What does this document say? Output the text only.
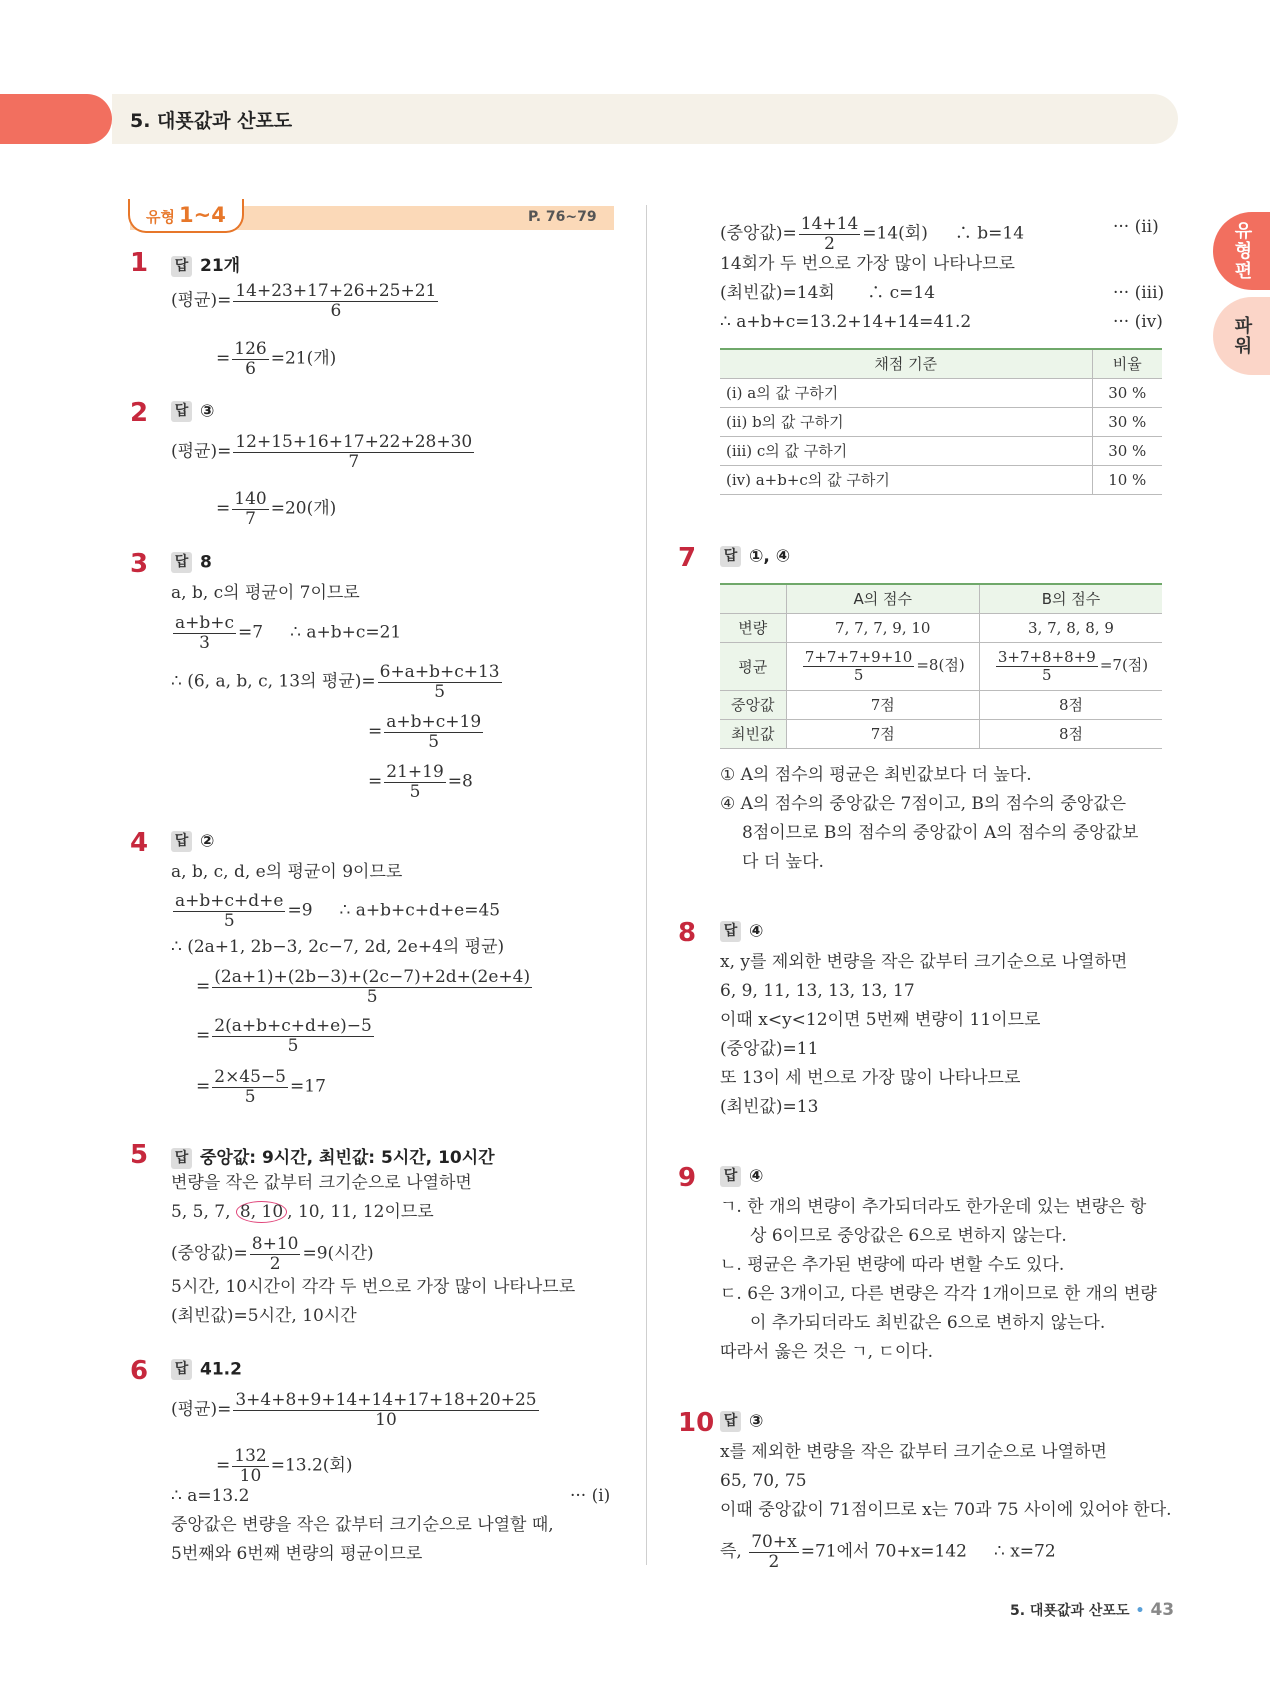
5. 대푯값과 산포도
유형편
파워
유형 1~4	P. 76~79
1 답 21개
(평균)= $\frac{14+23+17+26+25+21}{6}$
= $\frac{126}{6} =21$(개)
2 답 ③
(평균)= $\frac{12+15+16+17+22+28+30}{7}$
= $\frac{140}{7} =20$(개)
3 답 8
a, b, c의 평균이 7이므로
$\frac{a+b+c}{3} =7$     ∴ a+b+c=21
∴ (6, a, b, c, 13의 평균)= $\frac{6+a+b+c+13}{5}$
= $\frac{a+b+c+19}{5}$
= $\frac{21+19}{5} =8$
4 답 ②
a, b, c, d, e의 평균이 9이므로
$\frac{a+b+c+d+e}{5} =9$     ∴ a+b+c+d+e=45
∴ (2a+1, 2b−3, 2c−7, 2d, 2e+4의 평균)
= $\frac{(2a+1)+(2b-3)+(2c-7)+2d+(2e+4)}{5}$
= $\frac{2(a+b+c+d+e)-5}{5}$
= $\frac{2\times 45-5}{5} =17$
5 답 중앙값: 9시간, 최빈값: 5시간, 10시간
변량을 작은 값부터 크기순으로 나열하면
5, 5, 7, 8, 10 , 10, 11, 12이므로
(중앙값)= $\frac{8+10}{2} =9$(시간)
5시간, 10시간이 각각 두 번으로 가장 많이 나타나므로
(최빈값)=5시간, 10시간
6 답 41.2
(평균)= $\frac{3+4+8+9+14+14+17+18+20+25}{10}$
= $\frac{132}{10} =13.2$(회)
∴ a=13.2	··· (i)
중앙값은 변량을 작은 값부터 크기순으로 나열할 때,
5번째와 6번째 변량의 평균이므로
(중앙값)= $\frac{14+14}{2} =14$(회)     ∴ b=14	··· (ii)
14회가 두 번으로 가장 많이 나타나므로
(최빈값)=14회      ∴ c=14	··· (iii)
∴ a+b+c=13.2+14+14=41.2	··· (iv)
채점 기준	비율
(i) a의 값 구하기	30 %
(ii) b의 값 구하기	30 %
(iii) c의 값 구하기	30 %
(iv) a+b+c의 값 구하기	10 %
7 답 ①, ④
	A의 점수	B의 점수
변량	7, 7, 7, 9, 10	3, 7, 8, 8, 9
평균	$\frac{7+7+7+9+10}{5} =8$(점)	$\frac{3+7+8+8+9}{5} =7$(점)
중앙값	7점	8점
최빈값	7점	8점
① A의 점수의 평균은 최빈값보다 더 높다.
④ A의 점수의 중앙값은 7점이고, B의 점수의 중앙값은
8점이므로 B의 점수의 중앙값이 A의 점수의 중앙값보
다 더 높다.
8 답 ④
x, y를 제외한 변량을 작은 값부터 크기순으로 나열하면
6, 9, 11, 13, 13, 13, 17
이때 x<y<12이면 5번째 변량이 11이므로
(중앙값)=11
또 13이 세 번으로 가장 많이 나타나므로
(최빈값)=13
9 답 ④
ㄱ. 한 개의 변량이 추가되더라도 한가운데 있는 변량은 항
상 6이므로 중앙값은 6으로 변하지 않는다.
ㄴ. 평균은 추가된 변량에 따라 변할 수도 있다.
ㄷ. 6은 3개이고, 다른 변량은 각각 1개이므로 한 개의 변량
이 추가되더라도 최빈값은 6으로 변하지 않는다.
따라서 옳은 것은 ㄱ, ㄷ이다.
10 답 ③
x를 제외한 변량을 작은 값부터 크기순으로 나열하면
65, 70, 75
이때 중앙값이 71점이므로 x는 70과 75 사이에 있어야 한다.
즉, $\frac{70+x}{2} =71$에서 70+x=142     ∴ x=72
5. 대푯값과 산포도 • 43
